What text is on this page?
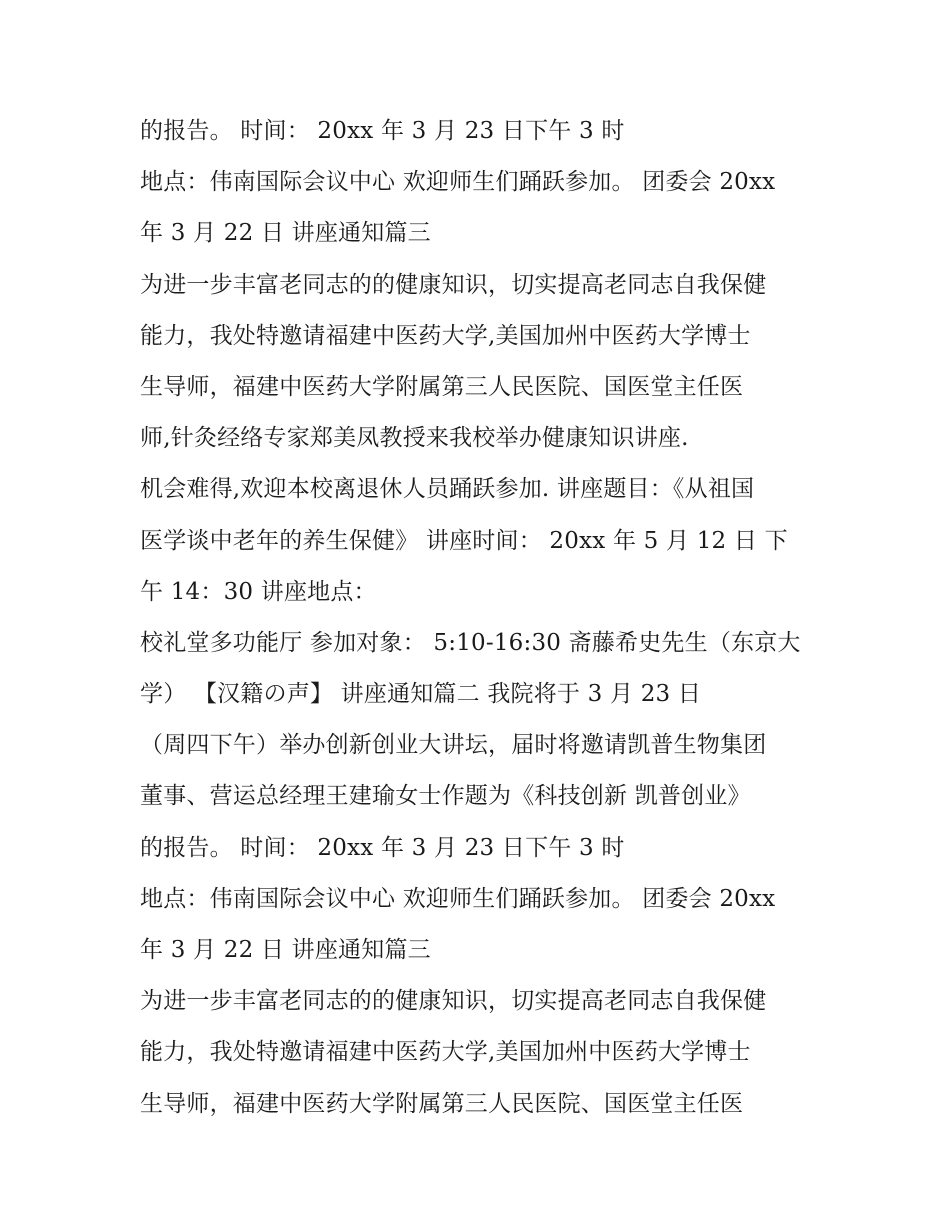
的报告。 时间： 20xx 年 3 月 23 日下午 3 时
地点：伟南国际会议中心 欢迎师生们踊跃参加。 团委会 20xx
年 3 月 22 日 讲座通知篇三
为进一步丰富老同志的的健康知识，切实提高老同志自我保健
能力，我处特邀请福建中医药大学,美国加州中医药大学博士
生导师，福建中医药大学附属第三人民医院、国医堂主任医
师,针灸经络专家郑美凤教授来我校举办健康知识讲座.
机会难得,欢迎本校离退休人员踊跃参加. 讲座题目：《从祖国
医学谈中老年的养生保健》 讲座时间： 20xx 年 5 月 12 日 下
午 14：30 讲座地点：
校礼堂多功能厅 参加对象： 5:10-16:30 斋藤希史先生（东京大
学） 【汉籍の声】 讲座通知篇二 我院将于 3 月 23 日
（周四下午）举办创新创业大讲坛，届时将邀请凯普生物集团
董事、营运总经理王建瑜女士作题为《科技创新 凯普创业》
的报告。 时间： 20xx 年 3 月 23 日下午 3 时
地点：伟南国际会议中心 欢迎师生们踊跃参加。 团委会 20xx
年 3 月 22 日 讲座通知篇三
为进一步丰富老同志的的健康知识，切实提高老同志自我保健
能力，我处特邀请福建中医药大学,美国加州中医药大学博士
生导师，福建中医药大学附属第三人民医院、国医堂主任医
